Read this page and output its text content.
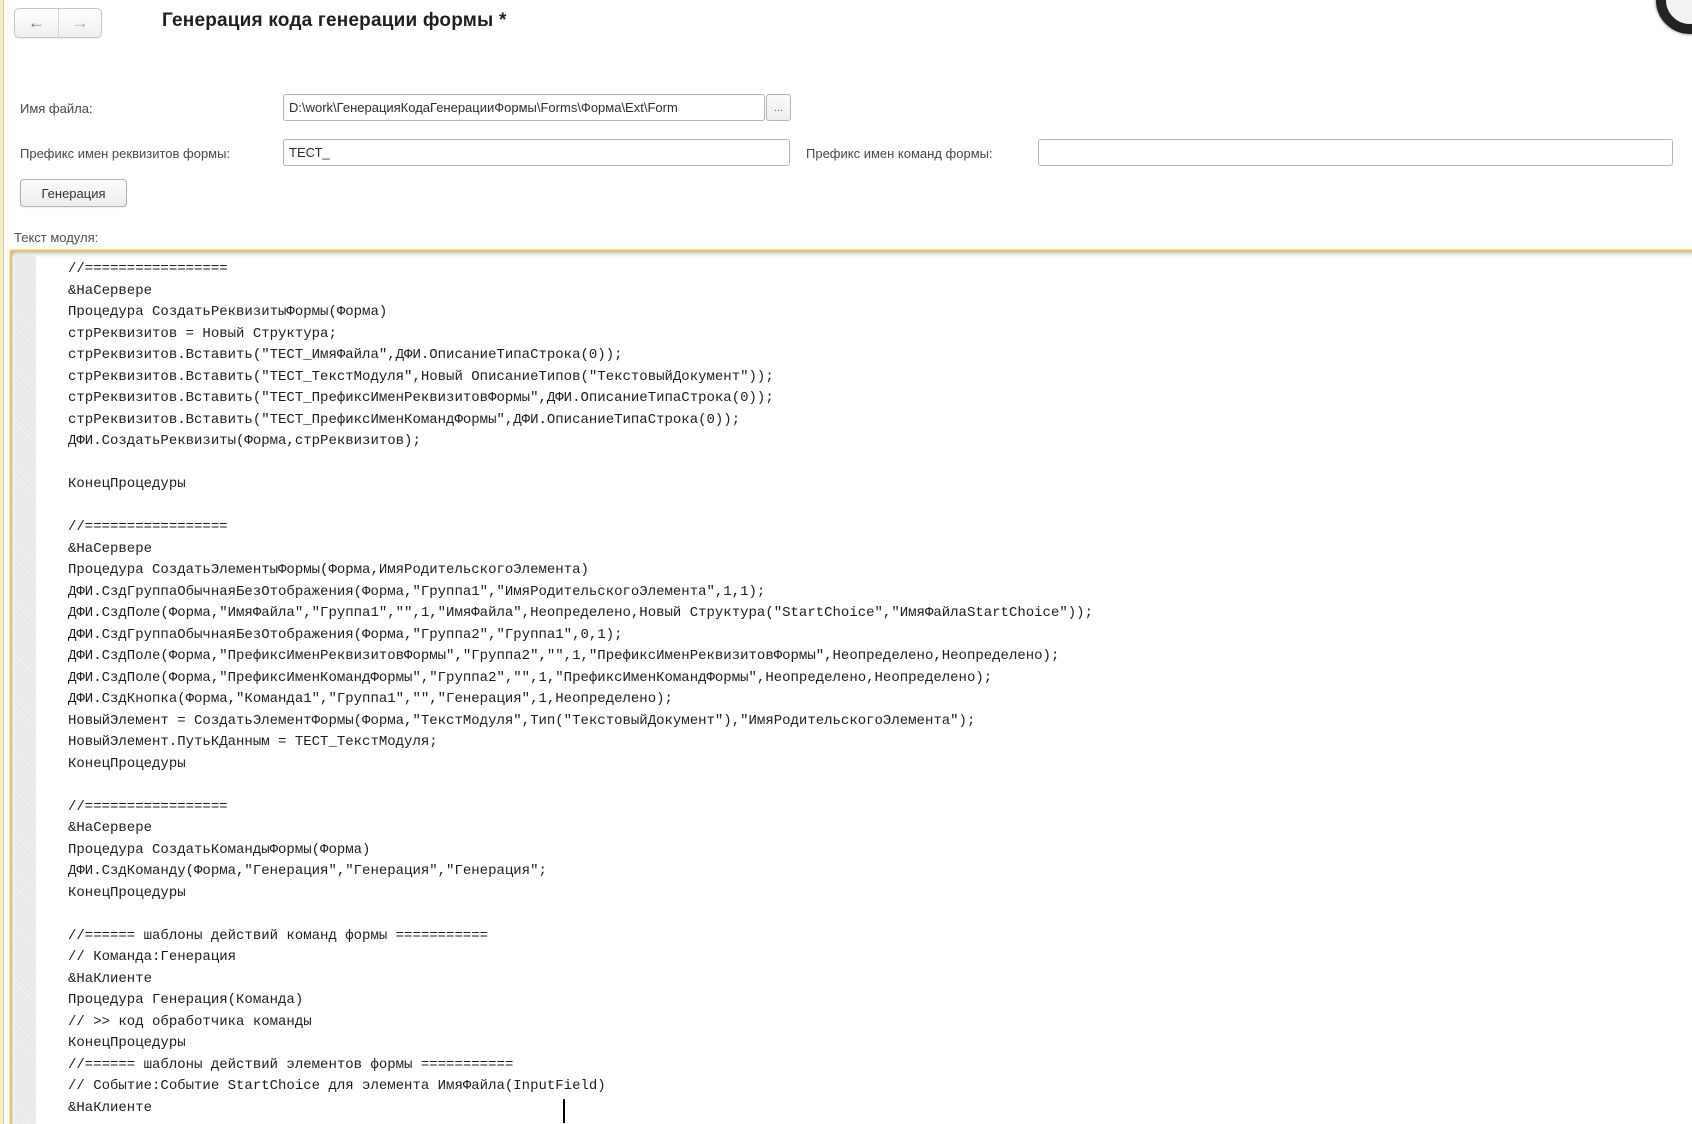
← →	Генерация кода генерации формы *
Имя файла:
D:\work\ГенерацияКодаГенерацииФормы\Forms\Форма\Ext\Form	...
Префикс имен реквизитов формы:
ТЕСТ_	Префикс имен команд формы:
Генерация
Текст модуля:
//=================
&НаСервере
Процедура СоздатьРеквизитыФормы(Форма)
стрРеквизитов = Новый Структура;
стрРеквизитов.Вставить("ТЕСТ_ИмяФайла",ДФИ.ОписаниеТипаСтрока(0));
стрРеквизитов.Вставить("ТЕСТ_ТекстМодуля",Новый ОписаниеТипов("ТекстовыйДокумент"));
стрРеквизитов.Вставить("ТЕСТ_ПрефиксИменРеквизитовФормы",ДФИ.ОписаниеТипаСтрока(0));
стрРеквизитов.Вставить("ТЕСТ_ПрефиксИменКомандФормы",ДФИ.ОписаниеТипаСтрока(0));
ДФИ.СоздатьРеквизиты(Форма,стрРеквизитов);
КонецПроцедуры
//=================
&НаСервере
Процедура СоздатьЭлементыФормы(Форма,ИмяРодительскогоЭлемента)
ДФИ.СздГруппаОбычнаяБезОтображения(Форма,"Группа1","ИмяРодительскогоЭлемента",1,1);
ДФИ.СздПоле(Форма,"ИмяФайла","Группа1","",1,"ИмяФайла",Неопределено,Новый Структура("StartChoice","ИмяФайлаStartChoice"));
ДФИ.СздГруппаОбычнаяБезОтображения(Форма,"Группа2","Группа1",0,1);
ДФИ.СздПоле(Форма,"ПрефиксИменРеквизитовФормы","Группа2","",1,"ПрефиксИменРеквизитовФормы",Неопределено,Неопределено);
ДФИ.СздПоле(Форма,"ПрефиксИменКомандФормы","Группа2","",1,"ПрефиксИменКомандФормы",Неопределено,Неопределено);
ДФИ.СздКнопка(Форма,"Команда1","Группа1","","Генерация",1,Неопределено);
НовыйЭлемент = СоздатьЭлементФормы(Форма,"ТекстМодуля",Тип("ТекстовыйДокумент"),"ИмяРодительскогоЭлемента");
НовыйЭлемент.ПутьКДанным = ТЕСТ_ТекстМодуля;
КонецПроцедуры
//=================
&НаСервере
Процедура СоздатьКомандыФормы(Форма)
ДФИ.СздКоманду(Форма,"Генерация","Генерация","Генерация";
КонецПроцедуры
//====== шаблоны действий команд формы ===========
// Команда:Генерация
&НаКлиенте
Процедура Генерация(Команда)
// >> код обработчика команды
КонецПроцедуры
//====== шаблоны действий элементов формы ===========
// Событие:Событие StartChoice для элемента ИмяФайла(InputField)
&НаКлиенте
